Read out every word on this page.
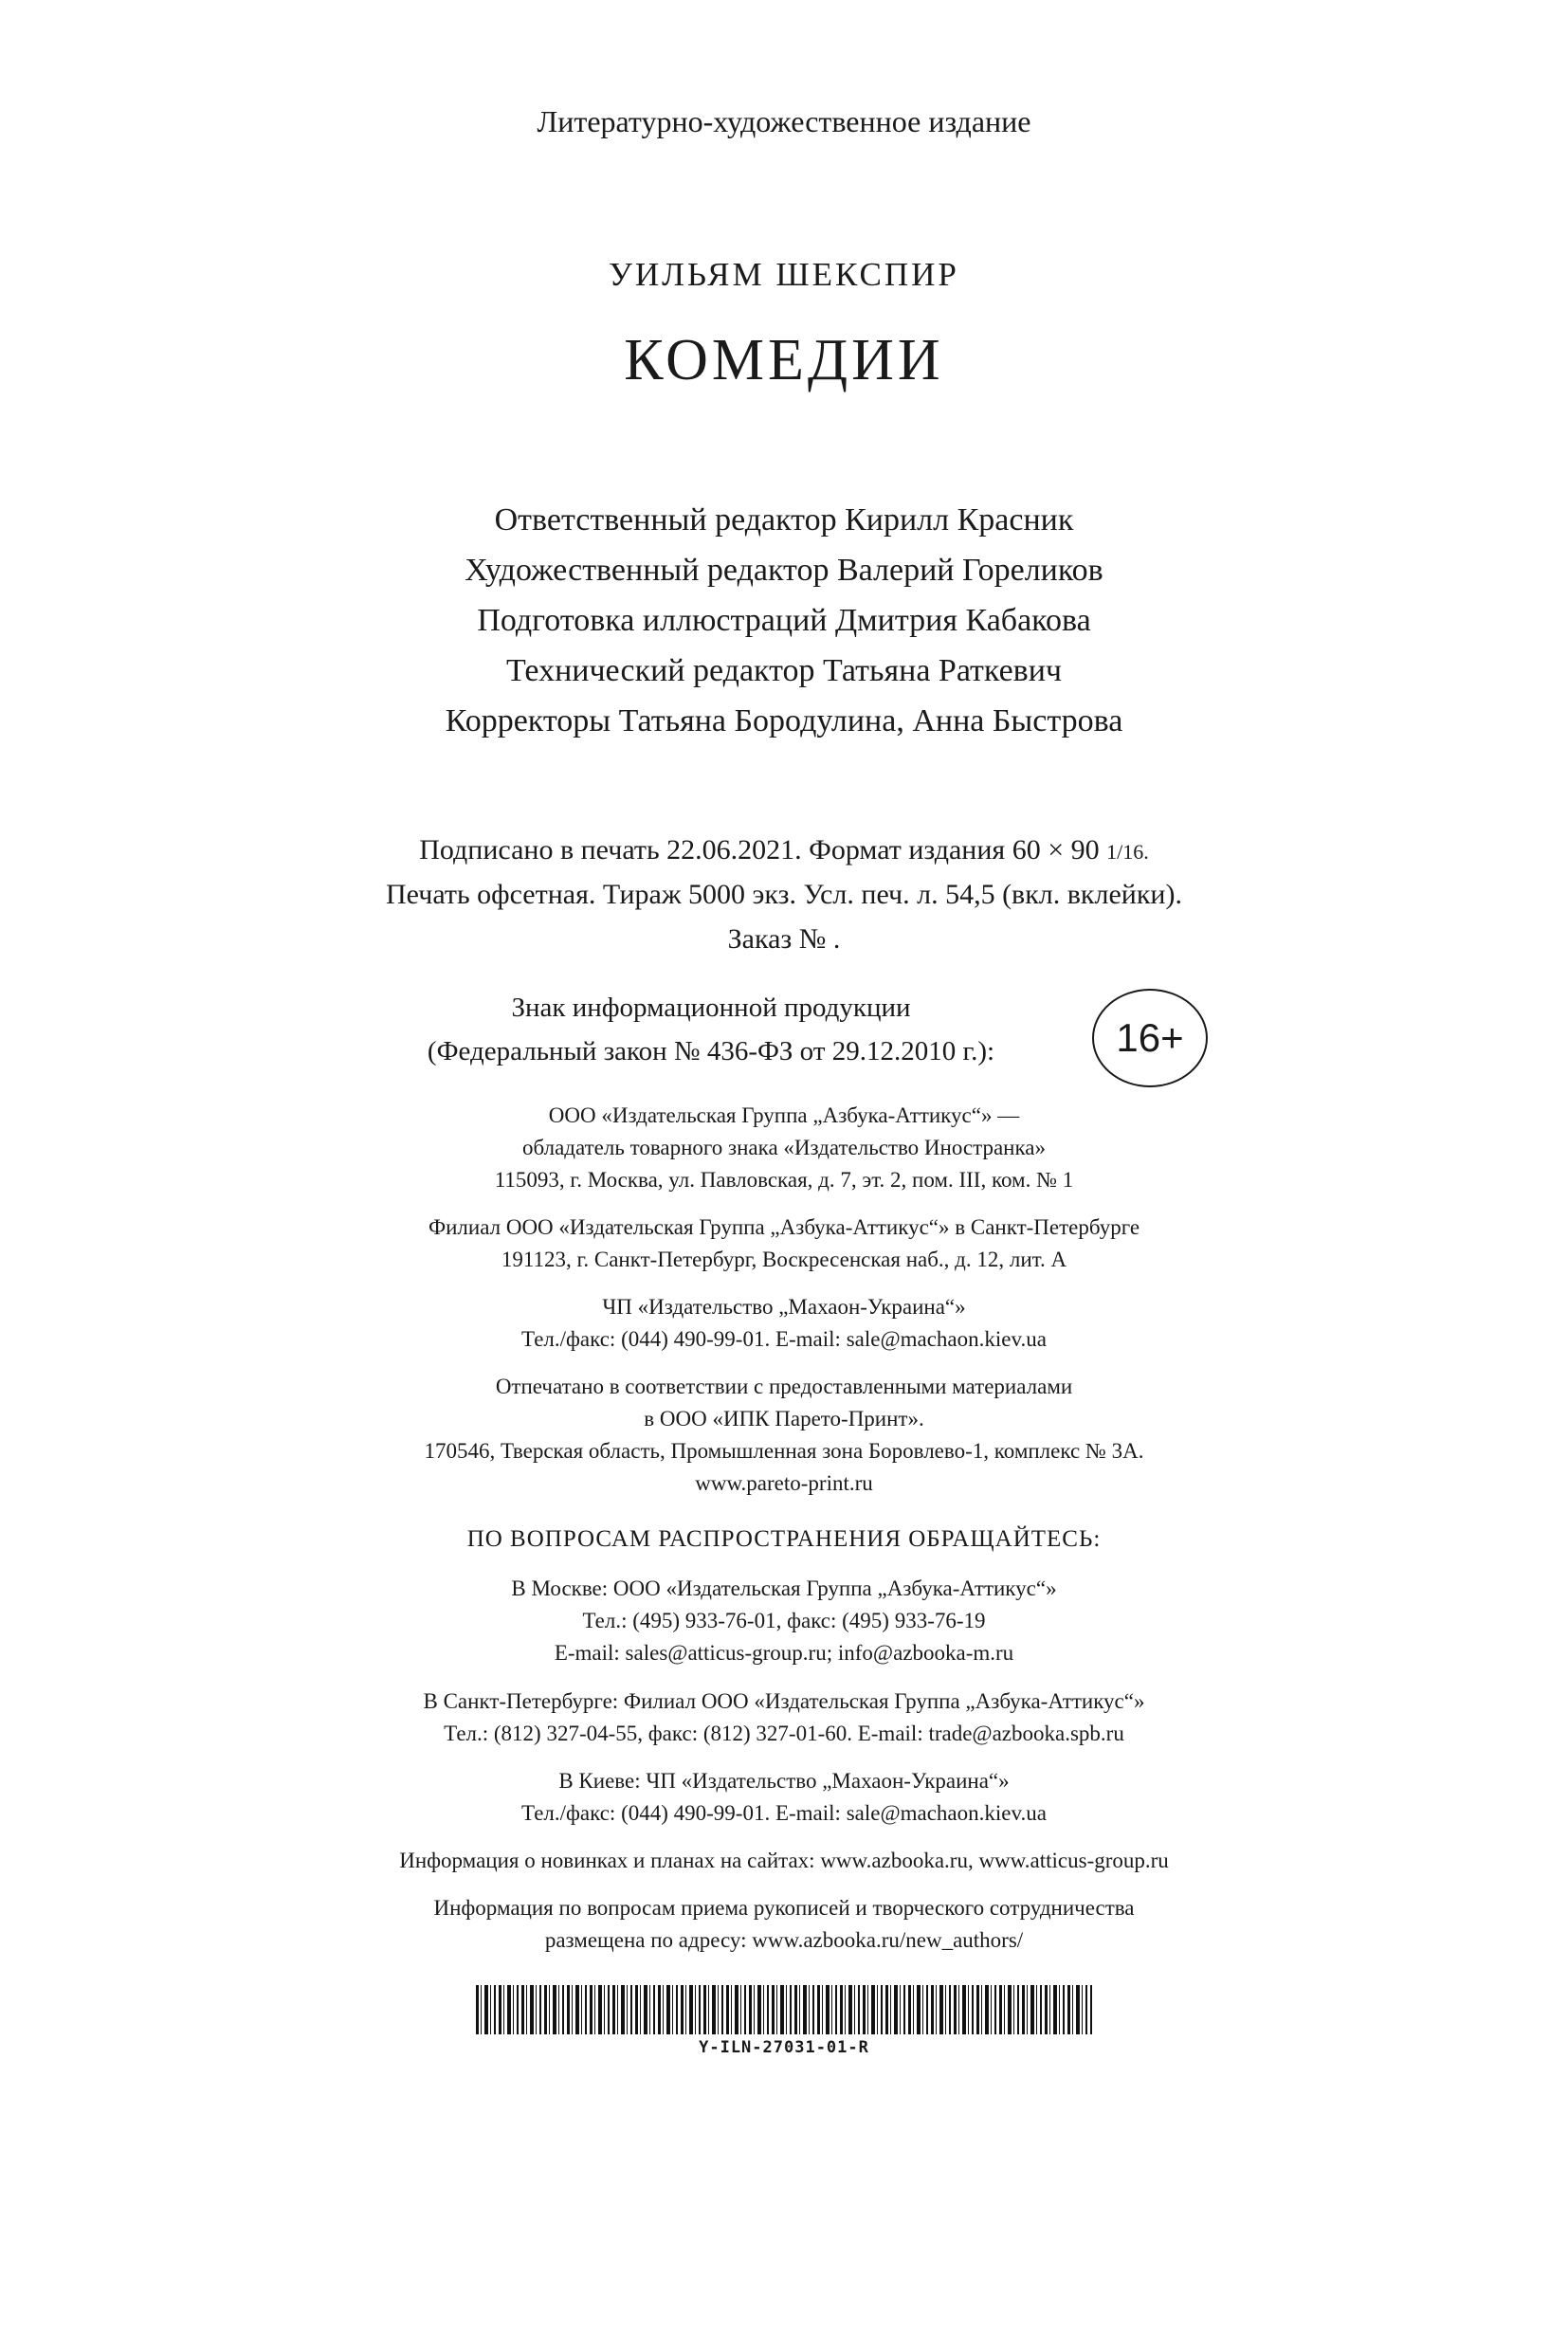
Литературно-художественное издание
УИЛЬЯМ ШЕКСПИР
КОМЕДИИ
Ответственный редактор Кирилл Красник
Художественный редактор Валерий Гореликов
Подготовка иллюстраций Дмитрия Кабакова
Технический редактор Татьяна Раткевич
Корректоры Татьяна Бородулина, Анна Быстрова
Подписано в печать 22.06.2021. Формат издания 60 × 90 1/16.
Печать офсетная. Тираж 5000 экз. Усл. печ. л. 54,5 (вкл. вклейки).
Заказ № .
Знак информационной продукции
(Федеральный закон № 436-ФЗ от 29.12.2010 г.):	16+
ООО «Издательская Группа „Азбука-Аттикус“» —
обладатель товарного знака «Издательство Иностранка»
115093, г. Москва, ул. Павловская, д. 7, эт. 2, пом. III, ком. № 1
Филиал ООО «Издательская Группа „Азбука-Аттикус“» в Санкт-Петербурге
191123, г. Санкт-Петербург, Воскресенская наб., д. 12, лит. А
ЧП «Издательство „Махаон-Украина“»
Тел./факс: (044) 490-99-01. E-mail: sale@machaon.kiev.ua
Отпечатано в соответствии с предоставленными материалами
в ООО «ИПК Парето-Принт».
170546, Тверская область, Промышленная зона Боровлево-1, комплекс № 3А.
www.pareto-print.ru
ПО ВОПРОСАМ РАСПРОСТРАНЕНИЯ ОБРАЩАЙТЕСЬ:
В Москве: ООО «Издательская Группа „Азбука-Аттикус“»
Тел.: (495) 933-76-01, факс: (495) 933-76-19
E-mail: sales@atticus-group.ru; info@azbooka-m.ru
В Санкт-Петербурге: Филиал ООО «Издательская Группа „Азбука-Аттикус“»
Тел.: (812) 327-04-55, факс: (812) 327-01-60. E-mail: trade@azbooka.spb.ru
В Киеве: ЧП «Издательство „Махаон-Украина“»
Тел./факс: (044) 490-99-01. E-mail: sale@machaon.kiev.ua
Информация о новинках и планах на сайтах: www.azbooka.ru, www.atticus-group.ru
Информация по вопросам приема рукописей и творческого сотрудничества
размещена по адресу: www.azbooka.ru/new_authors/
Y-ILN-27031-01-R
